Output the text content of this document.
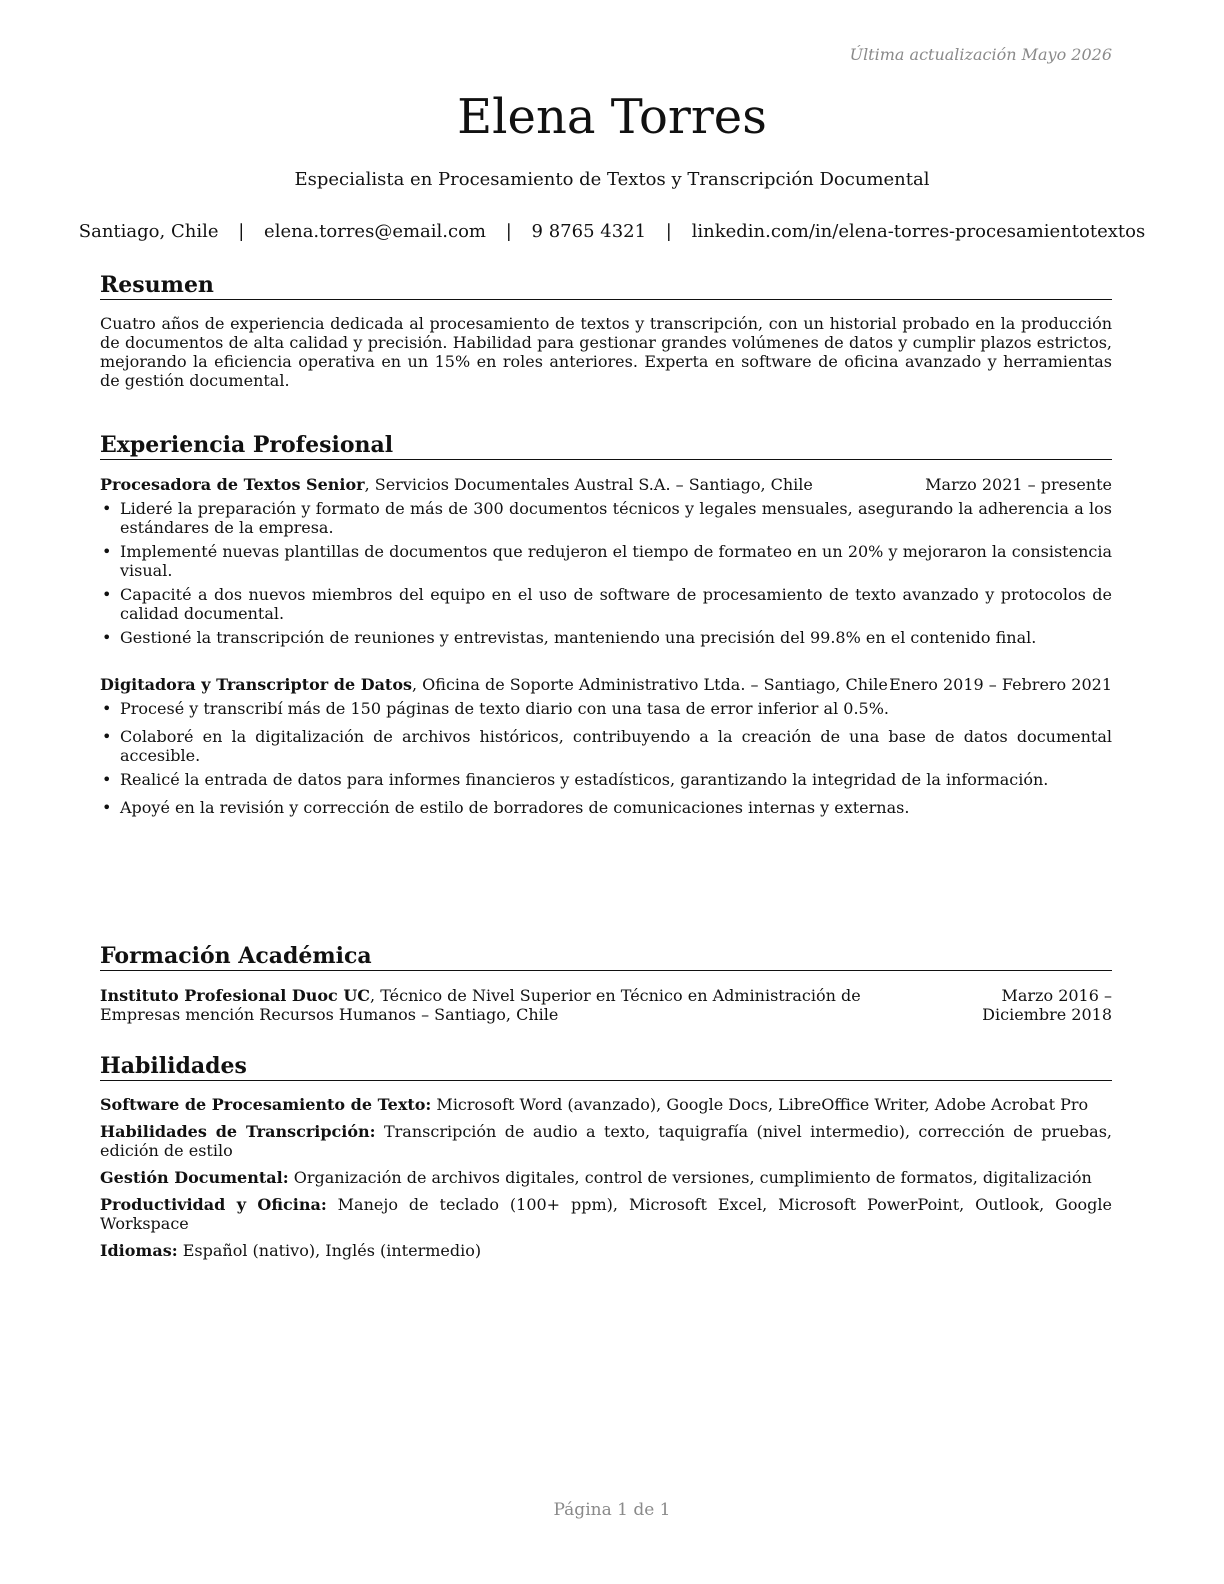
Última actualización Mayo 2026
Elena Torres
Especialista en Procesamiento de Textos y Transcripción Documental
Santiago, Chile | elena.torres@email.com | 9 8765 4321 | linkedin.com/in/elena-torres-procesamientotextos
Resumen

Cuatro años de experiencia dedicada al procesamiento de textos y transcripción, con un historial probado en la producción de documentos de alta calidad y precisión. Habilidad para gestionar grandes volúmenes de datos y cumplir plazos estrictos, mejorando la eficiencia operativa en un 15% en roles anteriores. Experta en software de oficina avanzado y herramientas de gestión documental.

Experiencia Profesional
Procesadora de Textos Senior, Servicios Documentales Austral S.A. – Santiago, Chile	Marzo 2021 – presente
• Lideré la preparación y formato de más de 300 documentos técnicos y legales mensuales, asegurando la adherencia a los estándares de la empresa.
• Implementé nuevas plantillas de documentos que redujeron el tiempo de formateo en un 20% y mejoraron la consistencia visual.
• Capacité a dos nuevos miembros del equipo en el uso de software de procesamiento de texto avanzado y protocolos de calidad documental.
• Gestioné la transcripción de reuniones y entrevistas, manteniendo una precisión del 99.8% en el contenido final.
Digitadora y Transcriptor de Datos, Oficina de Soporte Administrativo Ltda. – Santiago, Chile Enero 2019 – Febrero 2021
• Procesé y transcribí más de 150 páginas de texto diario con una tasa de error inferior al 0.5%.
• Colaboré en la digitalización de archivos históricos, contribuyendo a la creación de una base de datos documental accesible.
• Realicé la entrada de datos para informes financieros y estadísticos, garantizando la integridad de la información.
• Apoyé en la revisión y corrección de estilo de borradores de comunicaciones internas y externas.
Formación Académica
Instituto Profesional Duoc UC, Técnico de Nivel Superior en Técnico en Administración de Empresas mención Recursos Humanos – Santiago, Chile
Marzo 2016 – Diciembre 2018
Habilidades

Software de Procesamiento de Texto: Microsoft Word (avanzado), Google Docs, LibreOffice Writer, Adobe Acrobat Pro

Habilidades de Transcripción: Transcripción de audio a texto, taquigrafía (nivel intermedio), corrección de pruebas, edición de estilo

Gestión Documental: Organización de archivos digitales, control de versiones, cumplimiento de formatos, digitalización

Productividad y Oficina: Manejo de teclado (100+ ppm), Microsoft Excel, Microsoft PowerPoint, Outlook, Google Workspace

Idiomas: Español (nativo), Inglés (intermedio)

Página 1 de 1
